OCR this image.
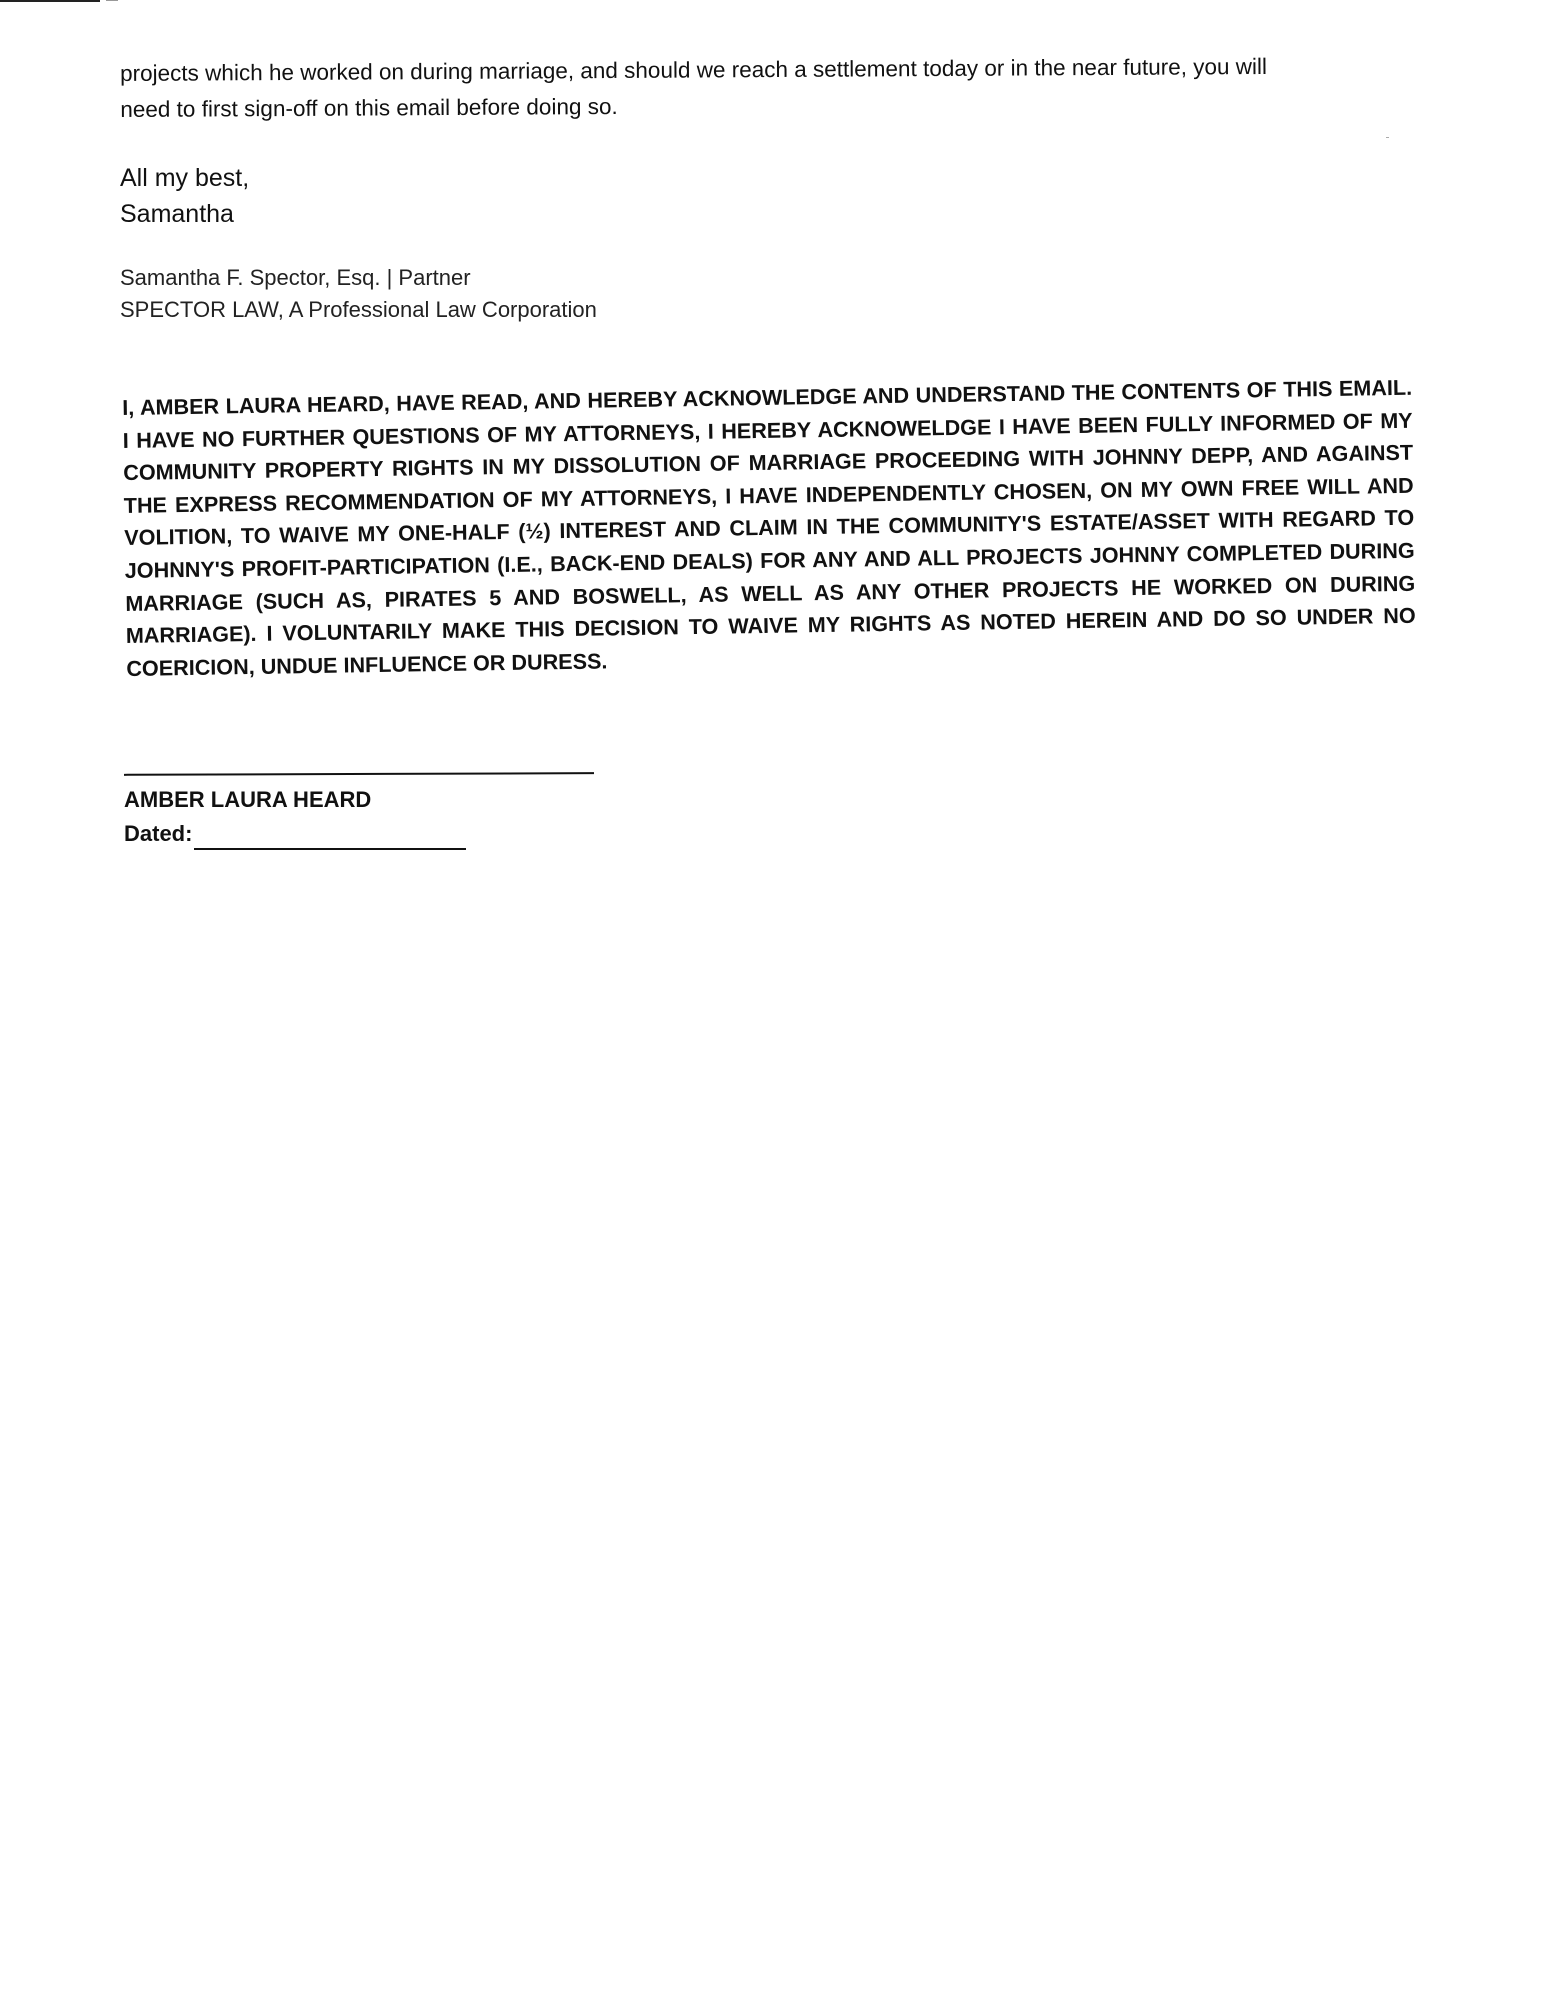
projects which he worked on during marriage, and should we reach a settlement today or in the near future, you will

need to first sign-off on this email before doing so.

All my best,

Samantha

Samantha F. Spector, Esq. | Partner

SPECTOR LAW, A Professional Law Corporation

I, AMBER LAURA HEARD, HAVE READ, AND HEREBY ACKNOWLEDGE AND UNDERSTAND THE CONTENTS OF THIS EMAIL. I HAVE NO FURTHER QUESTIONS OF MY ATTORNEYS, I HEREBY ACKNOWELDGE I HAVE BEEN FULLY INFORMED OF MY COMMUNITY PROPERTY RIGHTS IN MY DISSOLUTION OF MARRIAGE PROCEEDING WITH JOHNNY DEPP, AND AGAINST THE EXPRESS RECOMMENDATION OF MY ATTORNEYS, I HAVE INDEPENDENTLY CHOSEN, ON MY OWN FREE WILL AND VOLITION, TO WAIVE MY ONE-HALF (½) INTEREST AND CLAIM IN THE COMMUNITY'S ESTATE/ASSET WITH REGARD TO JOHNNY'S PROFIT-PARTICIPATION (I.E., BACK-END DEALS) FOR ANY AND ALL PROJECTS JOHNNY COMPLETED DURING MARRIAGE (SUCH AS, PIRATES 5 AND BOSWELL, AS WELL AS ANY OTHER PROJECTS HE WORKED ON DURING MARRIAGE). I VOLUNTARILY MAKE THIS DECISION TO WAIVE MY RIGHTS AS NOTED HEREIN AND DO SO UNDER NO COERICION, UNDUE INFLUENCE OR DURESS.
AMBER LAURA HEARD
Dated:
